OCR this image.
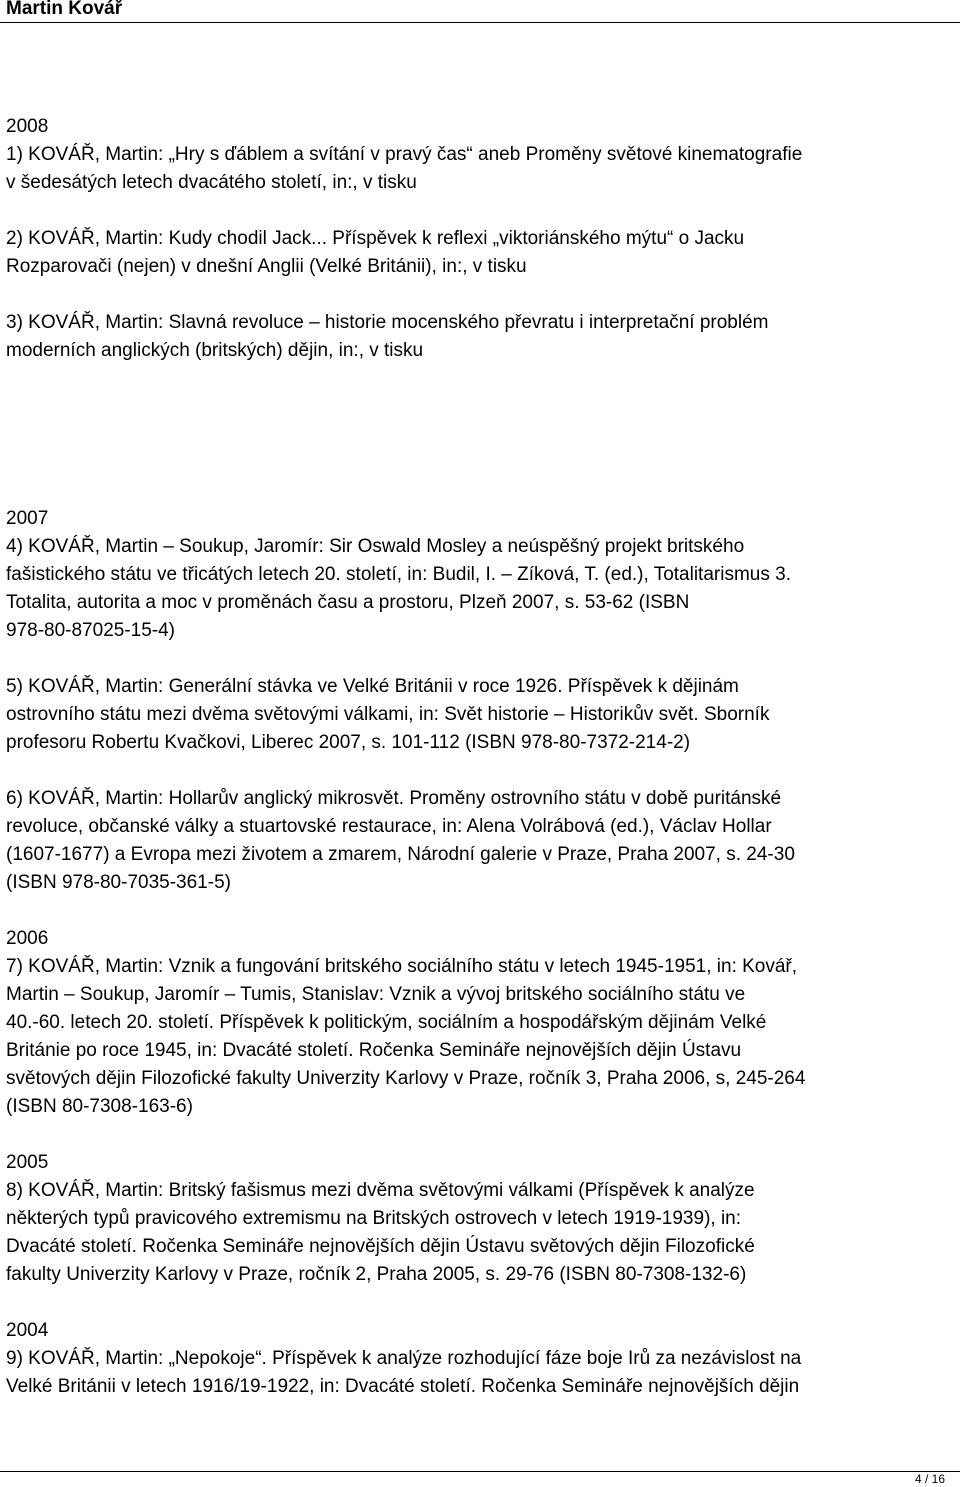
Martin Kovář
2008

1) KOVÁŘ, Martin: „Hry s ďáblem a svítání v pravý čas“ aneb Proměny světové kinematografie

v šedesátých letech dvacátého století, in:, v tisku

2) KOVÁŘ, Martin: Kudy chodil Jack... Příspěvek k reflexi „viktoriánského mýtu“ o Jacku

Rozparovači (nejen) v dnešní Anglii (Velké Británii), in:, v tisku

3) KOVÁŘ, Martin: Slavná revoluce – historie mocenského převratu i interpretační problém

moderních anglických (britských) dějin, in:, v tisku

2007

4) KOVÁŘ, Martin – Soukup, Jaromír: Sir Oswald Mosley a neúspěšný projekt britského

fašistického státu ve třicátých letech 20. století, in: Budil, I. – Zíková, T. (ed.), Totalitarismus 3.

Totalita, autorita a moc v proměnách času a prostoru, Plzeň 2007, s. 53-62 (ISBN

978-80-87025-15-4)

5) KOVÁŘ, Martin: Generální stávka ve Velké Británii v roce 1926. Příspěvek k dějinám

ostrovního státu mezi dvěma světovými válkami, in: Svět historie – Historikův svět. Sborník

profesoru Robertu Kvačkovi, Liberec 2007, s. 101-112 (ISBN 978-80-7372-214-2)

6) KOVÁŘ, Martin: Hollarův anglický mikrosvět. Proměny ostrovního státu v době puritánské

revoluce, občanské války a stuartovské restaurace, in: Alena Volrábová (ed.), Václav Hollar

(1607-1677) a Evropa mezi životem a zmarem, Národní galerie v Praze, Praha 2007, s. 24-30

(ISBN 978-80-7035-361-5)

2006

7) KOVÁŘ, Martin: Vznik a fungování britského sociálního státu v letech 1945-1951, in: Kovář,

Martin – Soukup, Jaromír – Tumis, Stanislav: Vznik a vývoj britského sociálního státu ve

40.-60. letech 20. století. Příspěvek k politickým, sociálním a hospodářským dějinám Velké

Británie po roce 1945, in: Dvacáté století. Ročenka Semináře nejnovějších dějin Ústavu

světových dějin Filozofické fakulty Univerzity Karlovy v Praze, ročník 3, Praha 2006, s, 245-264

(ISBN 80-7308-163-6)

2005

8) KOVÁŘ, Martin: Britský fašismus mezi dvěma světovými válkami (Příspěvek k analýze

některých typů pravicového extremismu na Britských ostrovech v letech 1919-1939), in:

Dvacáté století. Ročenka Semináře nejnovějších dějin Ústavu světových dějin Filozofické

fakulty Univerzity Karlovy v Praze, ročník 2, Praha 2005, s. 29-76 (ISBN 80-7308-132-6)

2004

9) KOVÁŘ, Martin: „Nepokoje“. Příspěvek k analýze rozhodující fáze boje Irů za nezávislost na

Velké Británii v letech 1916/19-1922, in: Dvacáté století. Ročenka Semináře nejnovějších dějin

4 / 16
